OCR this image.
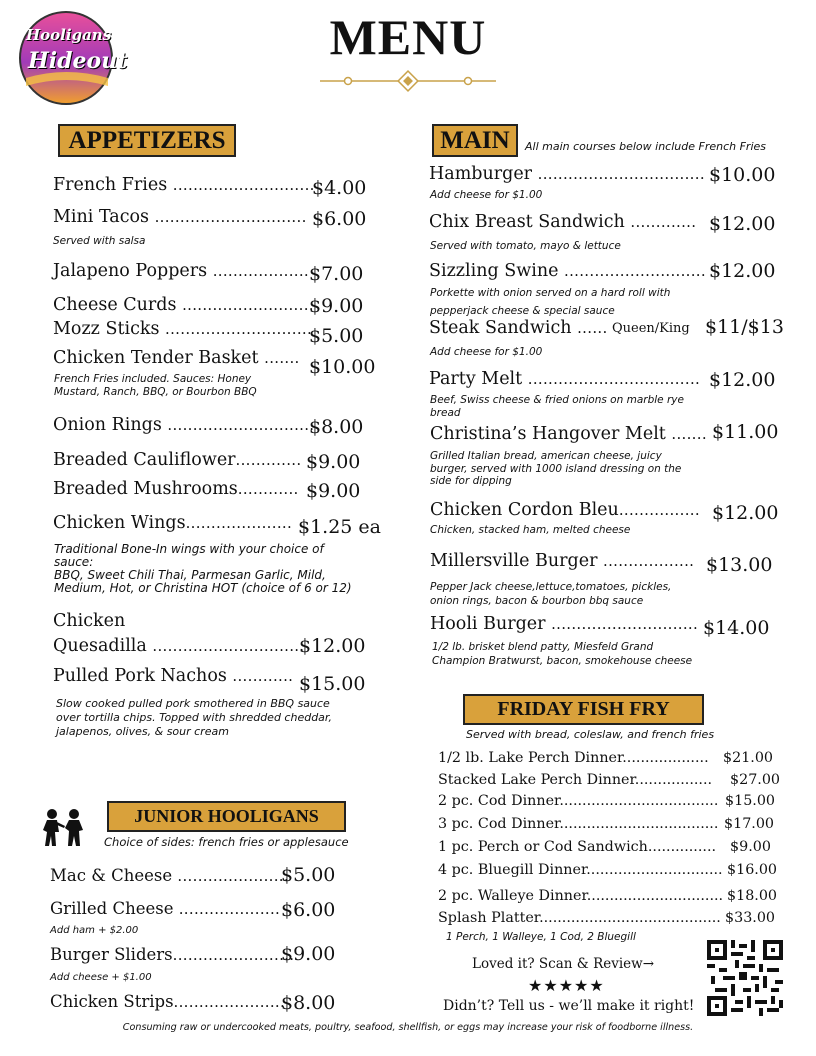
Hooligans
Hideout	MENU
APPETIZERS
French Fries ............................
$4.00
Mini Tacos .............................. $6.00
Served with salsa
Jalapeno Poppers ................... $7.00
Cheese Curds ..........................
$9.00
Mozz Sticks .............................
$5.00
Chicken Tender Basket ....... $10.00
French Fries included. Sauces: Honey
Mustard, Ranch, BBQ, or Bourbon BBQ
Onion Rings .............................
$8.00
Breaded Cauliflower............. $9.00
Breaded Mushrooms............ $9.00
Chicken Wings..................... $1.25 ea
Traditional Bone-In wings with your choice of
sauce:
BBQ, Sweet Chili Thai, Parmesan Garlic, Mild,
Medium, Hot, or Christina HOT (choice of 6 or 12)
Chicken
Quesadilla ..............................
$12.00
Pulled Pork Nachos ............ $15.00
Slow cooked pulled pork smothered in BBQ sauce
over tortilla chips. Topped with shredded cheddar,
jalapenos, olives, & sour cream
MAIN	All main courses below include French Fries
Hamburger ................................. $10.00
Add cheese for $1.00
Chix Breast Sandwich ............. $12.00
Served with tomato, mayo & lettuce
Sizzling Swine ............................ $12.00
Porkette with onion served on a hard roll with
pepperjack cheese & special sauce
Steak Sandwich ...... Queen/King $11/$13
Add cheese for $1.00
Party Melt .................................. $12.00
Beef, Swiss cheese & fried onions on marble rye
bread
Christina’s Hangover Melt ....... $11.00
Grilled Italian bread, american cheese, juicy
burger, served with 1000 island dressing on the
side for dipping
Chicken Cordon Bleu................ $12.00
Chicken, stacked ham, melted cheese
Millersville Burger .................. $13.00
Pepper Jack cheese,lettuce,tomatoes, pickles,
onion rings, bacon & bourbon bbq sauce
Hooli Burger ............................. $14.00
1/2 lb. brisket blend patty, Miesfeld Grand
Champion Bratwurst, bacon, smokehouse cheese
FRIDAY FISH FRY
Served with bread, coleslaw, and french fries
1/2 lb. Lake Perch Dinner................... $21.00
Stacked Lake Perch Dinner................. $27.00
2 pc. Cod Dinner................................... $15.00
3 pc. Cod Dinner................................... $17.00
1 pc. Perch or Cod Sandwich............... $9.00
4 pc. Bluegill Dinner.............................. $16.00
2 pc. Walleye Dinner.............................. $18.00
Splash Platter........................................ $33.00
1 Perch, 1 Walleye, 1 Cod, 2 Bluegill
JUNIOR HOOLIGANS
Choice of sides: french fries or applesauce
Mac & Cheese ......................
$5.00
Grilled Cheese .................... $6.00
Add ham + $2.00
Burger Sliders........................
$9.00
Add cheese + $1.00
Chicken Strips......................
$8.00
Loved it? Scan & Review→
★★★★★
Didn’t? Tell us - we’ll make it right!
Consuming raw or undercooked meats, poultry, seafood, shellfish, or eggs may increase your risk of foodborne illness.
